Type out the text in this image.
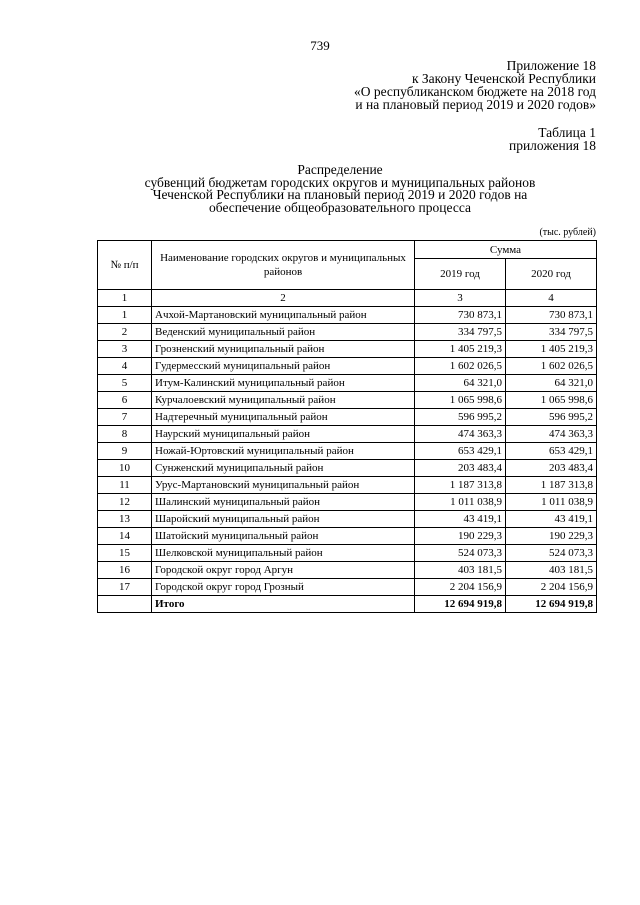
739
Приложение 18
к Закону Чеченской Республики
«О республиканском бюджете на 2018 год
и на плановый период 2019 и 2020 годов»
Таблица 1
приложения 18
Распределение
субвенций бюджетам городских округов и муниципальных районов
Чеченской Республики на плановый период 2019 и 2020 годов на
обеспечение общеобразовательного процесса
(тыс. рублей)
№ п/п	Наименование городских округов и муниципальных районов	Сумма	
		2019 год	2020 год
1	2	3	4
1	Ачхой-Мартановский муниципальный район	730 873,1	730 873,1
2	Веденский муниципальный район	334 797,5	334 797,5
3	Грозненский муниципальный район	1 405 219,3	1 405 219,3
4	Гудермесский муниципальный район	1 602 026,5	1 602 026,5
5	Итум-Калинский муниципальный район	64 321,0	64 321,0
6	Курчалоевский муниципальный район	1 065 998,6	1 065 998,6
7	Надтеречный муниципальный район	596 995,2	596 995,2
8	Наурский муниципальный район	474 363,3	474 363,3
9	Ножай-Юртовский муниципальный район	653 429,1	653 429,1
10	Сунженский муниципальный район	203 483,4	203 483,4
11	Урус-Мартановский муниципальный район	1 187 313,8	1 187 313,8
12	Шалинский муниципальный район	1 011 038,9	1 011 038,9
13	Шаройский муниципальный район	43 419,1	43 419,1
14	Шатойский муниципальный район	190 229,3	190 229,3
15	Шелковской муниципальный район	524 073,3	524 073,3
16	Городской округ город Аргун	403 181,5	403 181,5
17	Городской округ город Грозный	2 204 156,9	2 204 156,9
	Итого	12 694 919,8	12 694 919,8
